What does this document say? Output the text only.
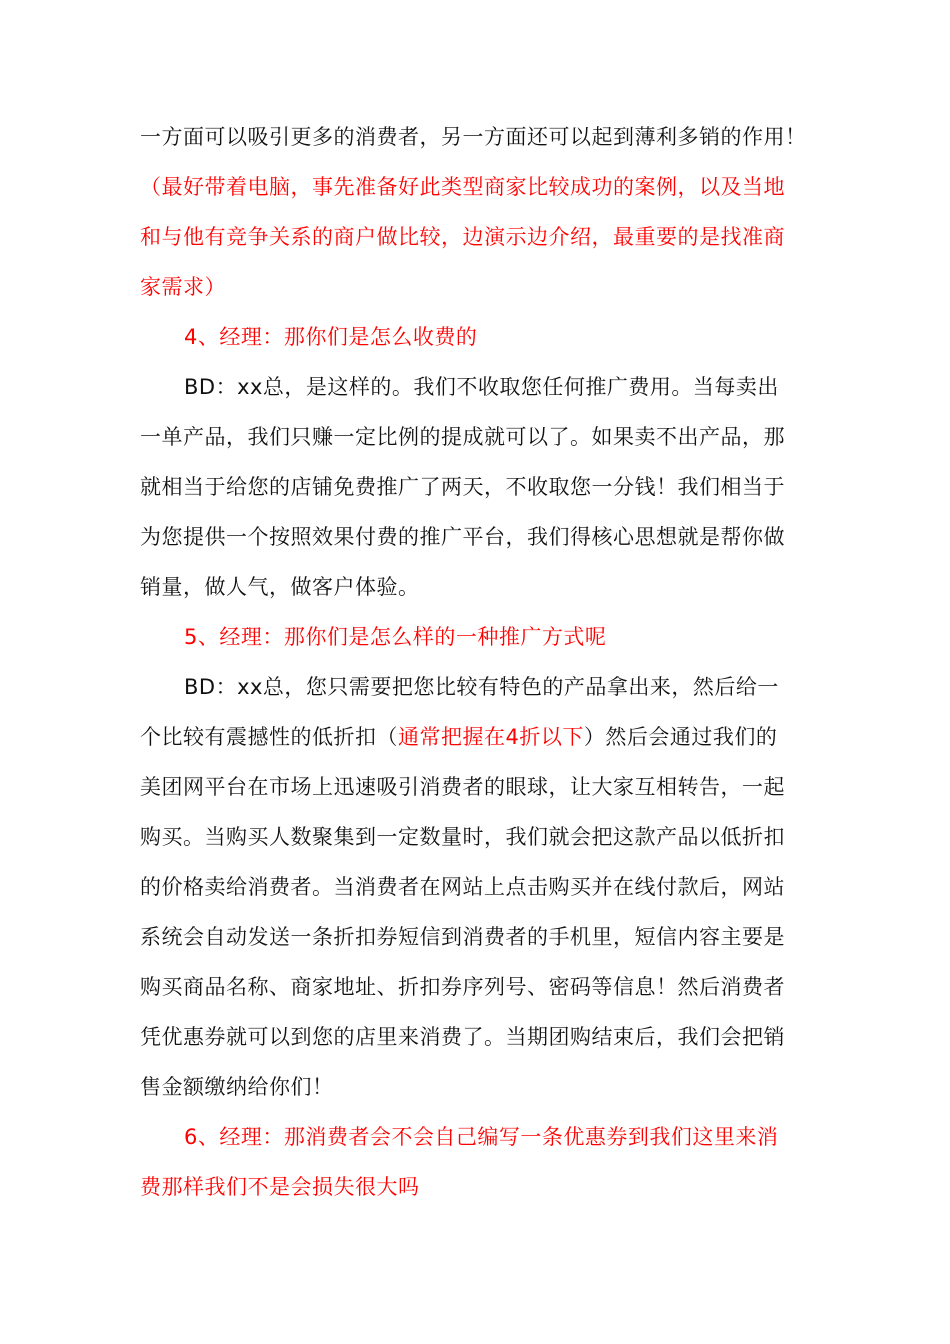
一方面可以吸引更多的消费者，另一方面还可以起到薄利多销的作用！

（最好带着电脑，事先准备好此类型商家比较成功的案例，以及当地
和与他有竞争关系的商户做比较，边演示边介绍，最重要的是找准商
家需求）

4、经理：那你们是怎么收费的

BD：xx总，是这样的。我们不收取您任何推广费用。当每卖出
一单产品，我们只赚一定比例的提成就可以了。如果卖不出产品，那
就相当于给您的店铺免费推广了两天，不收取您一分钱！我们相当于
为您提供一个按照效果付费的推广平台，我们得核心思想就是帮你做
销量，做人气，做客户体验。

5、经理：那你们是怎么样的一种推广方式呢

BD：xx总，您只需要把您比较有特色的产品拿出来，然后给一
个比较有震撼性的低折扣（通常把握在4折以下）然后会通过我们的
美团网平台在市场上迅速吸引消费者的眼球，让大家互相转告，一起
购买。当购买人数聚集到一定数量时，我们就会把这款产品以低折扣
的价格卖给消费者。当消费者在网站上点击购买并在线付款后，网站
系统会自动发送一条折扣券短信到消费者的手机里，短信内容主要是
购买商品名称、商家地址、折扣券序列号、密码等信息！然后消费者
凭优惠券就可以到您的店里来消费了。当期团购结束后，我们会把销
售金额缴纳给你们！

6、经理：那消费者会不会自己编写一条优惠券到我们这里来消
费那样我们不是会损失很大吗
